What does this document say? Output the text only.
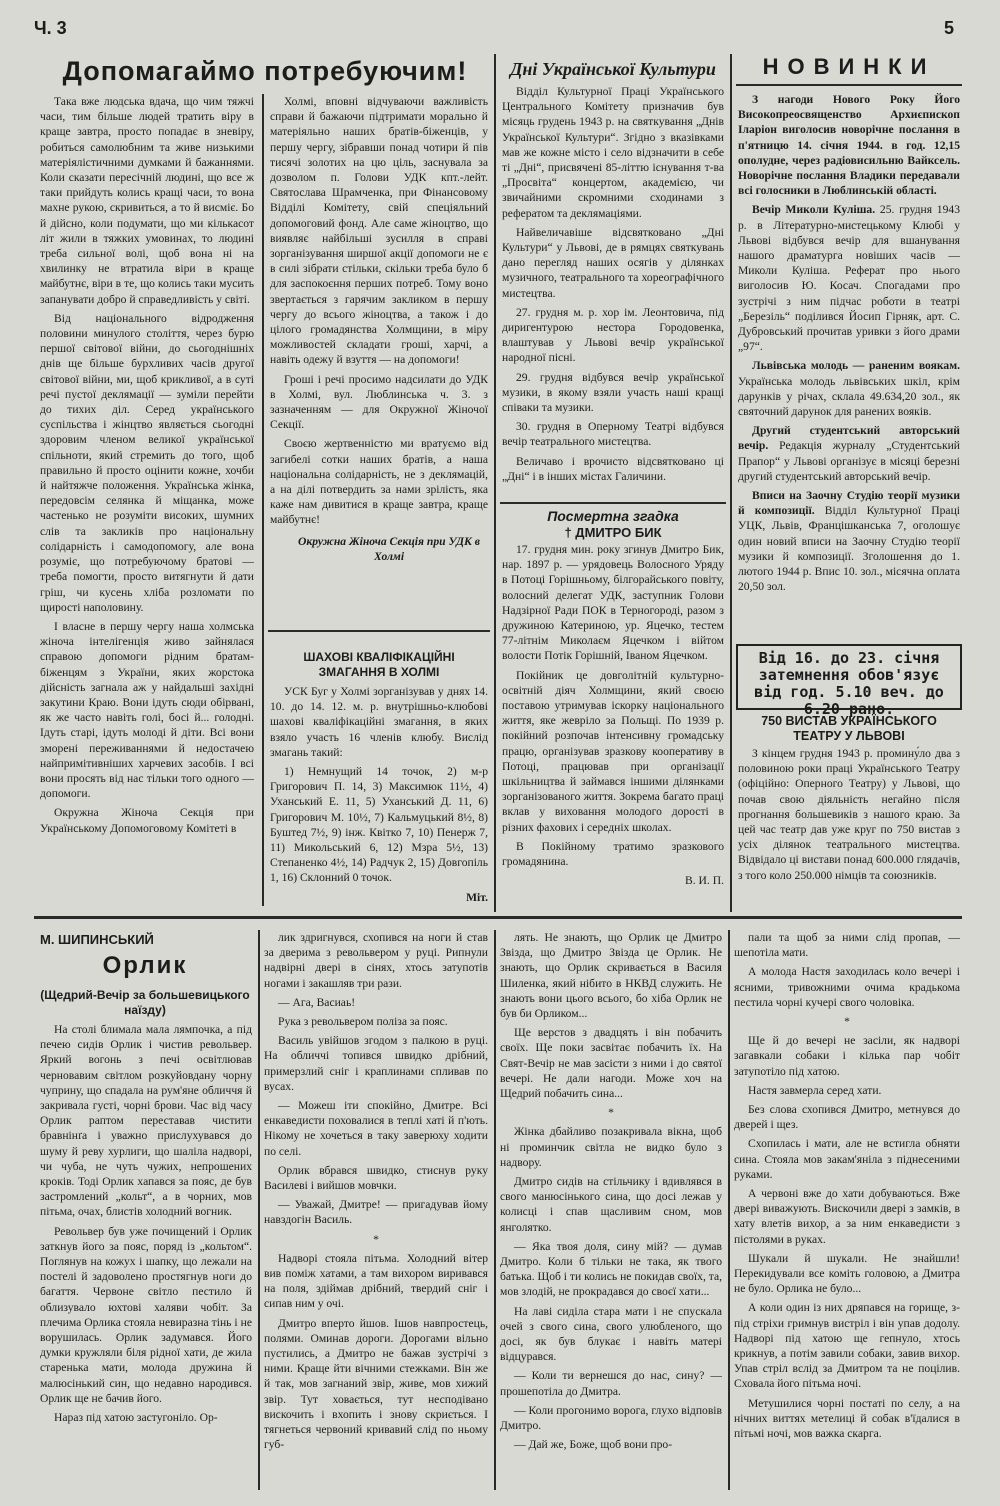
Ч. 3	5
Допомагаймо потребуючим!

Така вже людська вдача, що чим тяжчі часи, тим більше людей тратить віру в краще завтра, просто попадає в зневіру, робиться самолюбним та живе низькими матеріялістичними думками й бажаннями. Коли сказати пересічній людині, що все ж таки прийдуть колись кращі часи, то вона махне рукою, скривиться, а то й висміє. Бо й дійсно, коли подумати, що ми кількасот літ жили в тяжких умовинах, то людині треба сильної волі, щоб вона ні на хвилинку не втратила віри в краще майбутнє, віри в те, що колись таки мусить запанувати добро й справедливість у світі.

Від національного відродження половини минулого століття, через бурю першої світової війни, до сьогоднішніх днів ще більше бурхливих часів другої світової війни, ми, щоб крикливої, а в суті речі пустої деклямації — зуміли перейти до тихих діл. Серед українського суспільства і жінцтво являється сьогодні здоровим членом великої української спільноти, який стремить до того, щоб правильно й просто оцінити кожне, хочби й найтяжче положення. Українська жінка, передовсім селянка й міщанка, може частенько не розуміти високих, шумних слів та закликів про національну солідарність і самодопомогу, але вона розуміє, що потребуючому братові — треба помогти, просто витягнути й дати гріш, чи кусень хліба розломати по щирості наполовину.

І власне в першу чергу наша холмська жіноча інтелігенція живо зайнялася справою допомоги рідним братам-біженцям з України, яких жорстока дійсність загнала аж у найдальші західні закутини Краю. Вони ідуть сюди обірвані, як же часто навіть голі, босі й... голодні. Ідуть старі, ідуть молоді й діти. Всі вони зморені переживаннями й недостачею найпримітивніших харчевих засобів. І всі вони просять від нас тільки того одного — допомоги.

Окружна Жіноча Секція при Українському Допомоговому Комітеті в

Холмі, вповні відчуваючи важливість справи й бажаючи підтримати морально й матеріяльно наших братів-біженців, у першу чергу, зібравши понад чотири й пів тисячі золотих на цю ціль, заснувала за дозволом п. Голови УДК кпт.-лейт. Святослава Шрамченка, при Фінансовому Відділі Комітету, свій спеціяльний допомоговий фонд. Але саме жіноцтво, що виявляє найбільші зусилля в справі зорганізування ширшої акції допомоги не є в силі зібрати стільки, скільки треба було б для заспокоєння перших потреб. Тому воно звертається з гарячим закликом в першу чергу до всього жіноцтва, а також і до цілого громадянства Холмщини, в міру можливостей складати гроші, харчі, а навіть одежу й взуття — на допомоги!

Гроші і речі просимо надсилати до УДК в Холмі, вул. Люблинська ч. 3. з зазначенням — для Окружної Жіночої Секції.

Своєю жертвенністю ми вратуємо від загибелі сотки наших братів, а наша національна солідарність, не з деклямацій, а на ділі потвердить за нами зрілість, яка каже нам дивитися в краще завтра, краще майбутнє!

Окружна Жіноча Секція при УДК в Холмі
ШАХОВІ КВАЛІФІКАЦІЙНІ ЗМАГАННЯ В ХОЛМІ

УСК Буг у Холмі зорганізував у днях 14. 10. до 14. 12. м. р. внутрішньо-клюбові шахові кваліфікаційні змагання, в яких взяло участь 16 членів клюбу. Вислід змагань такий:

1) Немнущий 14 точок, 2) м-р Григорович П. 14, 3) Максимюк 11½, 4) Уханський Е. 11, 5) Уханський Д. 11, 6) Григорович М. 10½, 7) Кальмуцький 8½, 8) Буштед 7½, 9) інж. Квітко 7, 10) Пенерж 7, 11) Микольський 6, 12) Мзра 5½, 13) Степаненко 4½, 14) Радчук 2, 15) Довгопіль 1, 16) Склонний 0 точок.

Міт.
Дні Української Культури

Відділ Культурної Праці Українського Центрального Комітету призначив був місяць грудень 1943 р. на святкування „Днів Української Культури“. Згідно з вказівками мав же кожне місто і село відзначити в себе ті „Дні“, присвячені 85-літтю існування т-ва „Просвіта“ концертом, академією, чи звичайними скромними сходинами з рефератом та деклямаціями.

Найвеличавіше відсвятковано „Дні Культури“ у Львові, де в рямцях святкувань дано перегляд наших осягів у ділянках музичного, театрального та хореографічного мистецтва.

27. грудня м. р. хор ім. Леонтовича, під диригентурою нестора Городовенка, влаштував у Львові вечір української народної пісні.

29. грудня відбувся вечір української музики, в якому взяли участь наші кращі співаки та музики.

30. грудня в Оперному Театрі відбувся вечір театрального мистецтва.

Величаво і врочисто відсвятковано ці „Дні“ і в інших містах Галичини.

Посмертна згадка
† ДМИТРО БИК

17. грудня мин. року згинув Дмитро Бик, нар. 1897 р. — урядовець Волосного Уряду в Потоці Горішньому, білгорайського повіту, волосний делегат УДК, заступник Голови Надзірної Ради ПОК в Терногороді, разом з дружиною Катериною, ур. Яцечко, тестем 77-літнім Миколаєм Яцечком і війтом волости Потік Горішній, Іваном Яцечком.

Покійник це довголітній культурно-освітній діяч Холмщини, який своєю поставою утримував іскорку національного життя, яке жевріло за Польщі. По 1939 р. покійний розпочав інтенсивну громадську працю, організував зразкову кооперативу в Потоці, працював при організації шкільництва й займався іншими ділянками зорганізованого життя. Зокрема багато праці вклав у виховання молодого дорості в різних фахових і середніх школах.

В Покійному тратимо зразкового громадянина.

В. И. П.
НОВИНКИ

З нагоди Нового Року Його Високопреосвященство Архиєпископ Іларіон виголосив новорічне послання в п'ятницю 14. січня 1944. в год. 12,15 ополудне, через радіовисильню Вайксель. Новорічне послання Владики передавали всі голосники в Люблинській області.

Вечір Миколи Куліша. 25. грудня 1943 р. в Літературно-мистецькому Клюбі у Львові відбувся вечір для вшанування нашого драматурга новіших часів — Миколи Куліша. Реферат про нього виголосив Ю. Косач. Спогадами про зустрічі з ним підчас роботи в театрі „Березіль“ поділився Йосип Гірняк, арт. С. Дубровський прочитав уривки з його драми „97“.

Львівська молодь — раненим воякам. Українська молодь львівських шкіл, крім дарунків у річах, склала 49.634,20 зол., як святочний дарунок для ранених вояків.

Другий студентський авторський вечір. Редакція журналу „Студентський Прапор“ у Львові організує в місяці березні другий студентський авторський вечір.

Вписи на Заочну Студію теорії музики й композиції. Відділ Культурної Праці УЦК, Львів, Францішканська 7, оголошує один новий вписи на Заочну Студію теорії музики й композиції. Зголошення до 1. лютого 1944 р. Впис 10. зол., місячна оплата 20,50 зол.

Від 16. до 23. січня
затемнення обов'язує
від год. 5.10 веч. до 6.20 рано.
750 ВИСТАВ УКРАЇНСЬКОГО ТЕАТРУ У ЛЬВОВІ

З кінцем грудня 1943 р. промину́ло два з половиною роки праці Українського Театру (офіційно: Оперного Театру) у Львові, що почав свою діяльність негайно після прогнання большевиків з нашого краю. За цей час театр дав уже круг по 750 вистав з усіх ділянок театрального мистецтва. Відвідало ці вистави понад 600.000 глядачів, з того коло 250.000 німців та союзників.

М. ШИПИНСЬКИЙ
Орлик
(Щедрий-Вечір за большевицького наїзду)

На столі блимала мала лямпочка, а під печею сидів Орлик і чистив револьвер. Яркий вогонь з печі освітлював черновавим світлом розкуйовдану чорну чуприну, що спадала на рум'яне обличчя й закривала густі, чорні брови. Час від часу Орлик раптом переставав чистити бравнінґа і уважно прислухувався до шуму й реву хурлиги, що шаліла надворі, чи чуба, не чуть чужих, непрошених кроків. Тоді Орлик хапався за пояс, де був застромлений „кольт“, а в чорних, мов пітьма, очах, блистів холодний вогник.

Револьвер був уже почищений і Орлик заткнув його за пояс, поряд із „кольтом“. Поглянув на кожух і шапку, що лежали на постелі й задоволено простягнув ноги до багаття. Червоне світло пестило й облизувало юхтові халяви чобіт. За плечима Орлика стояла невиразна тінь і не ворушилась. Орлик задумався. Його думки кружляли біля рідної хати, де жила старенька мати, молода дружина й малюсінький син, що недавно народився. Орлик ще не бачив його.

Нараз під хатою застугоніло. Ор-

лик здригнувся, схопився на ноги й став за дверима з револьвером у руці. Рипнули надвірні двері в сінях, хтось затупотів ногами і закашляв три рази.

— Ага, Васиаь!

Рука з револьвером поліза за пояс.

Василь увійшов згодом з палкою в руці. На обличчі топився швидко дрібний, примерзлий сніг і краплинами спливав по вусах.

— Можеш іти спокійно, Дмитре. Всі енкаведисти поховалися в теплі хаті й п'ють. Нікому не хочеться в таку заверюху ходити по селі.

Орлик вбрався швидко, стиснув руку Василеві і вийшов мовчки.

— Уважай, Дмитре! — пригадував йому навздогін Василь.

*

Надворі стояла пітьма. Холодний вітер вив поміж хатами, а там вихором виривався на поля, здіймав дрібний, твердий сніг і сипав ним у очі.

Дмитро вперто йшов. Ішов навпростець, полями. Оминав дороги. Дорогами вільно пустились, а Дмитро не бажав зустрічі з ними. Краще йти вічними стежками. Він же й так, мов загнаний звір, живе, мов хижий звір. Тут ховається, тут несподівано вискочить і вхопить і знову скриється. І тягнеться червоний кривавий слід по ньому губ-

лять. Не знають, що Орлик це Дмитро Звізда, що Дмитро Звізда це Орлик. Не знають, що Орлик скривається в Василя Шиленка, який нібито в НКВД служить. Не знають вони цього всього, бо хіба Орлик не був би Орликом...

Ще верстов з двадцять і він побачить своїх. Ще поки засвітає побачить їх. На Свят-Вечір не мав засісти з ними і до святої вечері. Не дали нагоди. Може хоч на Щедрий побачить сина...

*

Жінка дбайливо позакривала вікна, щоб ні проминчик світла не видко було з надвору.

Дмитро сидів на стільчику і вдивлявся в свого манюсінького сина, що досі лежав у колисці і спав щасливим сном, мов янголятко.

— Яка твоя доля, сину мій? — думав Дмитро. Коли б тільки не така, як твого батька. Щоб і ти колись не покидав своїх, та, мов злодій, не прокрадався до своєї хати...

На лаві сиділа стара мати і не спускала очей з свого сина, свого улюбленого, що досі, як був блукає і навіть матері відцурався.

— Коли ти вернешся до нас, сину? — прошепотіла до Дмитра.

— Коли прогонимо ворога, глухо відповів Дмитро.

— Дай же, Боже, щоб вони про-

пали та щоб за ними слід пропав, — шепотіла мати.

А молода Настя заходилась коло вечері і ясними, тривожними очима крадькома пестила чорні кучері свого чоловіка.

*

Ще й до вечері не засіли, як надворі загавкали собаки і кілька пар чобіт затупотіло під хатою.

Настя завмерла серед хати.

Без слова схопився Дмитро, метнувся до дверей і щез.

Схопилась і мати, але не встигла обняти сина. Стояла мов закам'яніла з піднесеними руками.

А червоні вже до хати добуваються. Вже двері виважують. Вискочили двері з замків, в хату влетів вихор, а за ним енкаведисти з пістолями в руках.

Шукали й шукали. Не знайшли! Перекидували все коміть головою, а Дмитра не було. Орлика не було...

А коли один із них дряпався на горище, з-під стріхи гримнув вистріл і він упав додолу. Надворі під хатою ще гепнуло, хтось крикнув, а потім завили собаки, завив вихор. Упав стріл вслід за Дмитром та не поцілив. Сховала його пітьма ночі.

Метушилися чорні постаті по селу, а на нічних виттях метелиці й собак в'їдалися в пітьмі ночі, мов важка скарга.
